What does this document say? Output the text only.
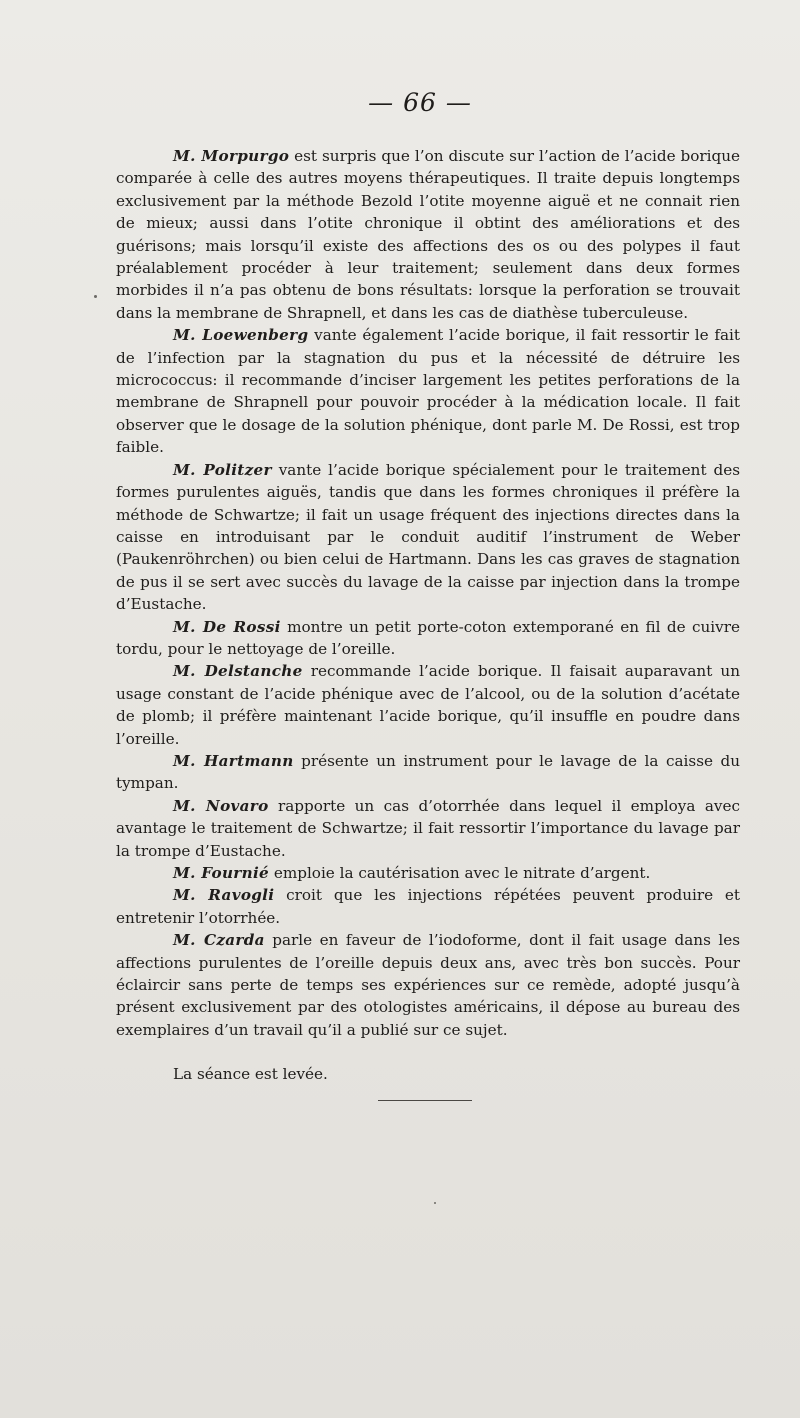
— 66 —

M. Morpurgo est surpris que l’on discute sur l’action de l’acide borique comparée à celle des autres moyens thérapeutiques. Il traite depuis longtemps exclusivement par la méthode Bezold l’otite moyenne aiguë et ne connait rien de mieux; aussi dans l’otite chronique il obtint des améliorations et des guérisons; mais lorsqu’il existe des affections des os ou des polypes il faut préalablement procéder à leur traitement; seulement dans deux formes morbides il n’a pas obtenu de bons résultats: lorsque la perforation se trouvait dans la membrane de Shrapnell, et dans les cas de diathèse tuberculeuse.

M. Loewenberg vante également l’acide borique, il fait ressortir le fait de l’infection par la stagnation du pus et la nécessité de détruire les micrococcus: il recommande d’inciser largement les petites perforations de la membrane de Shrapnell pour pouvoir procéder à la médication locale. Il fait observer que le dosage de la solution phénique, dont parle M. De Rossi, est trop faible.

M. Politzer vante l’acide borique spécialement pour le traitement des formes purulentes aiguës, tandis que dans les formes chroniques il préfère la méthode de Schwartze; il fait un usage fréquent des injections directes dans la caisse en introduisant par le conduit auditif l’instrument de Weber (Paukenröhrchen) ou bien celui de Hartmann. Dans les cas graves de stagnation de pus il se sert avec succès du lavage de la caisse par injection dans la trompe d’Eustache.

M. De Rossi montre un petit porte-coton extemporané en fil de cuivre tordu, pour le nettoyage de l’oreille.

M. Delstanche recommande l’acide borique. Il faisait auparavant un usage constant de l’acide phénique avec de l’alcool, ou de la solution d’acétate de plomb; il préfère maintenant l’acide borique, qu’il insuffle en poudre dans l’oreille.

M. Hartmann présente un instrument pour le lavage de la caisse du tympan.

M. Novaro rapporte un cas d’otorrhée dans lequel il employa avec avantage le traitement de Schwartze; il fait ressortir l’importance du lavage par la trompe d’Eustache.

M. Fournié emploie la cautérisation avec le nitrate d’argent.

M. Ravogli croit que les injections répétées peuvent produire et entretenir l’otorrhée.

M. Czarda parle en faveur de l’iodoforme, dont il fait usage dans les affections purulentes de l’oreille depuis deux ans, avec très bon succès. Pour éclaircir sans perte de temps ses expériences sur ce remède, adopté jusqu’à présent exclusivement par des otologistes américains, il dépose au bureau des exemplaires d’un travail qu’il a publié sur ce sujet.

La séance est levée.
